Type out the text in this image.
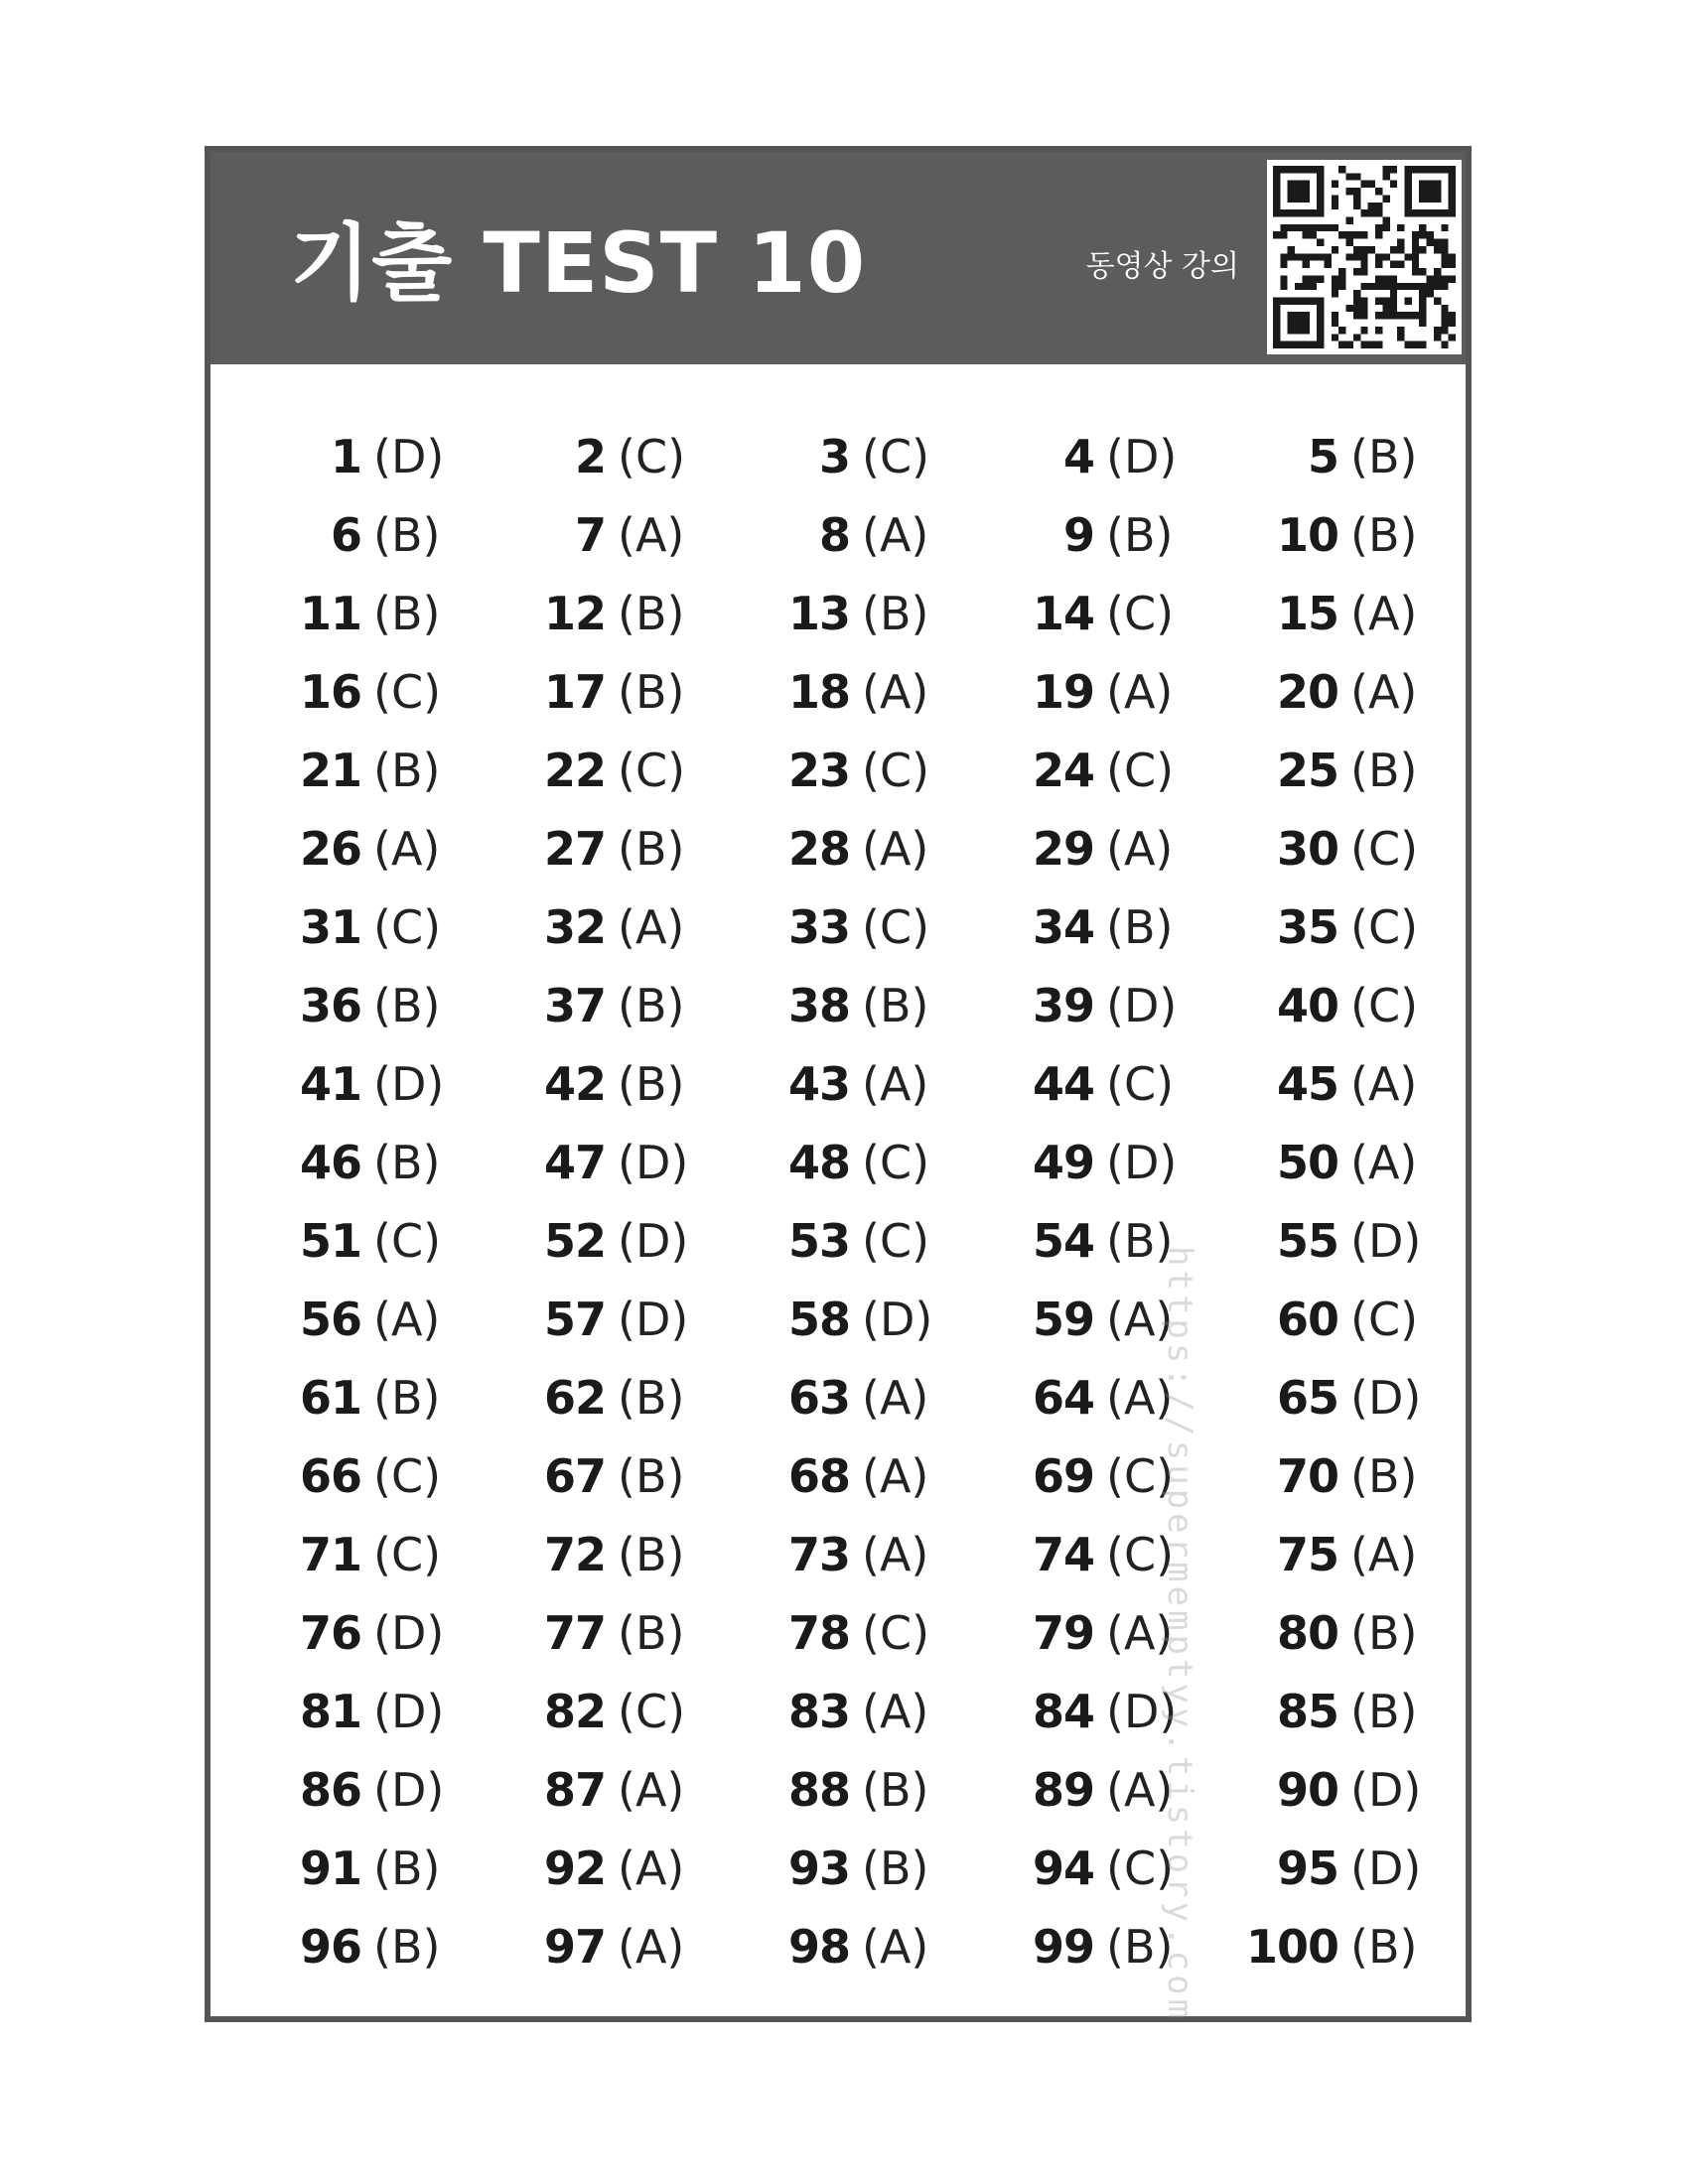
기출 TEST 10	동영상 강의
1 (D)	2 (C)	3 (C)	4 (D)	5 (B)
6 (B)	7 (A)	8 (A)	9 (B)	10 (B)
11 (B)	12 (B)	13 (B)	14 (C)	15 (A)
16 (C)	17 (B)	18 (A)	19 (A)	20 (A)
21 (B)	22 (C)	23 (C)	24 (C)	25 (B)
26 (A)	27 (B)	28 (A)	29 (A)	30 (C)
31 (C)	32 (A)	33 (C)	34 (B)	35 (C)
36 (B)	37 (B)	38 (B)	39 (D)	40 (C)
41 (D)	42 (B)	43 (A)	44 (C)	45 (A)
46 (B)	47 (D)	48 (C)	49 (D)	50 (A)
51 (C)	52 (D)	53 (C)	54 (B)	55 (D)
56 (A)	57 (D)	58 (D)	59 (A)	60 (C)
61 (B)	62 (B)	63 (A)	64 (A)	65 (D)
66 (C)	67 (B)	68 (A)	69 (C)	70 (B)
71 (C)	72 (B)	73 (A)	74 (C)	75 (A)
76 (D)	77 (B)	78 (C)	79 (A)	80 (B)
81 (D)	82 (C)	83 (A)	84 (D)	85 (B)
86 (D)	87 (A)	88 (B)	89 (A)	90 (D)
91 (B)	92 (A)	93 (B)	94 (C)	95 (D)
96 (B)	97 (A)	98 (A)	99 (B) 100 (B)
https://supermemptyy.tistory.com
